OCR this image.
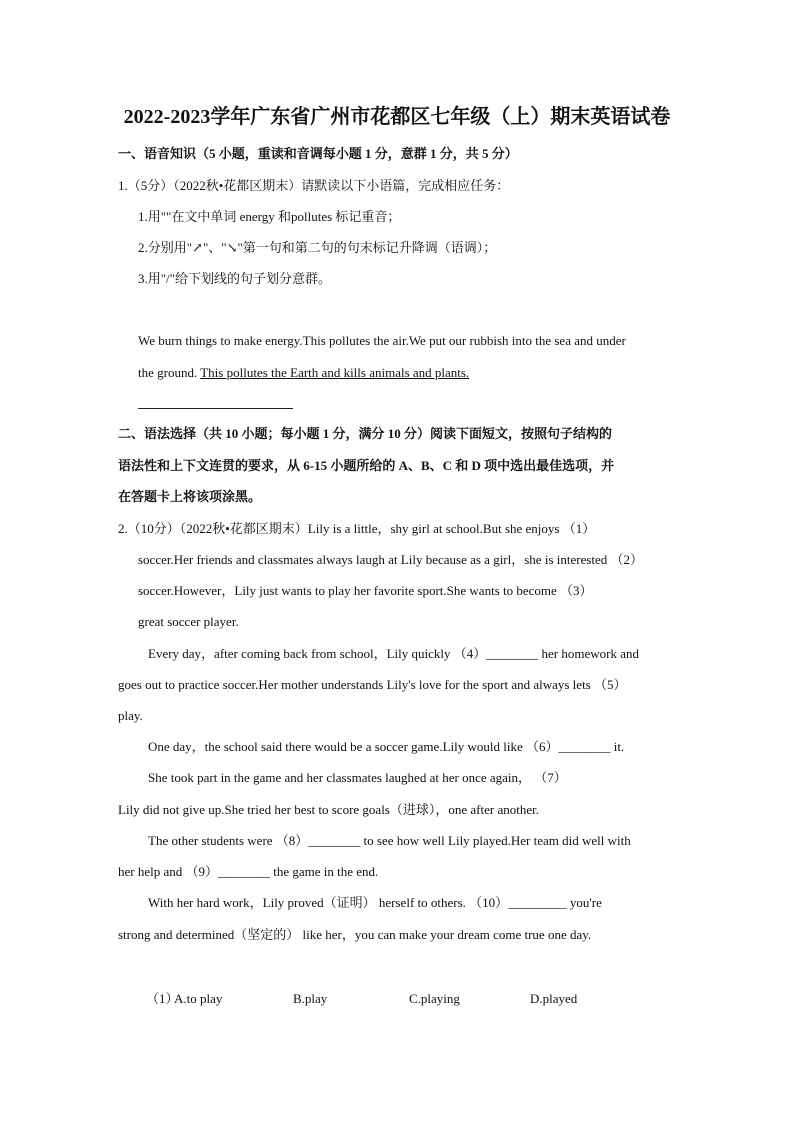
2022-2023学年广东省广州市花都区七年级（上）期末英语试卷
一、语音知识（5 小题，重读和音调每小题 1 分，意群 1 分，共 5 分）
1.（5分）（2022秋•花都区期末）请默读以下小语篇，完成相应任务：
1.用""在文中单词 energy 和pollutes 标记重音；
2.分别用"↗"、"↘"第一句和第二句的句末标记升降调（语调）；
3.用"/"给下划线的句子划分意群。
We burn things to make energy.This pollutes the air.We put our rubbish into the sea and under
the ground. This pollutes the Earth and kills animals and plants.
二、语法选择（共 10 小题；每小题 1 分，满分 10 分）阅读下面短文，按照句子结构的
语法性和上下文连贯的要求，从 6-15 小题所给的 A、B、C 和 D 项中选出最佳选项，并
在答题卡上将该项涂黑。
2.（10分）（2022秋•花都区期末）Lily is a little，shy girl at school.But she enjoys （1）
soccer.Her friends and classmates always laugh at Lily because as a girl，she is interested （2）
soccer.However，Lily just wants to play her favorite sport.She wants to become （3）
great soccer player.
Every day，after coming back from school，Lily quickly （4）________ her homework and
goes out to practice soccer.Her mother understands Lily's love for the sport and always lets （5）
play.
One day，the school said there would be a soccer game.Lily would like （6）________ it.
She took part in the game and her classmates laughed at her once again， （7）
Lily did not give up.She tried her best to score goals（进球），one after another.
The other students were （8）________ to see how well Lily played.Her team did well with
her help and （9）________ the game in the end.
With her hard work，Lily proved（证明） herself to others. （10）_________ you're
strong and determined（坚定的） like her，you can make your dream come true one day.
（1）
A.to play	B.play	C.playing	D.played
